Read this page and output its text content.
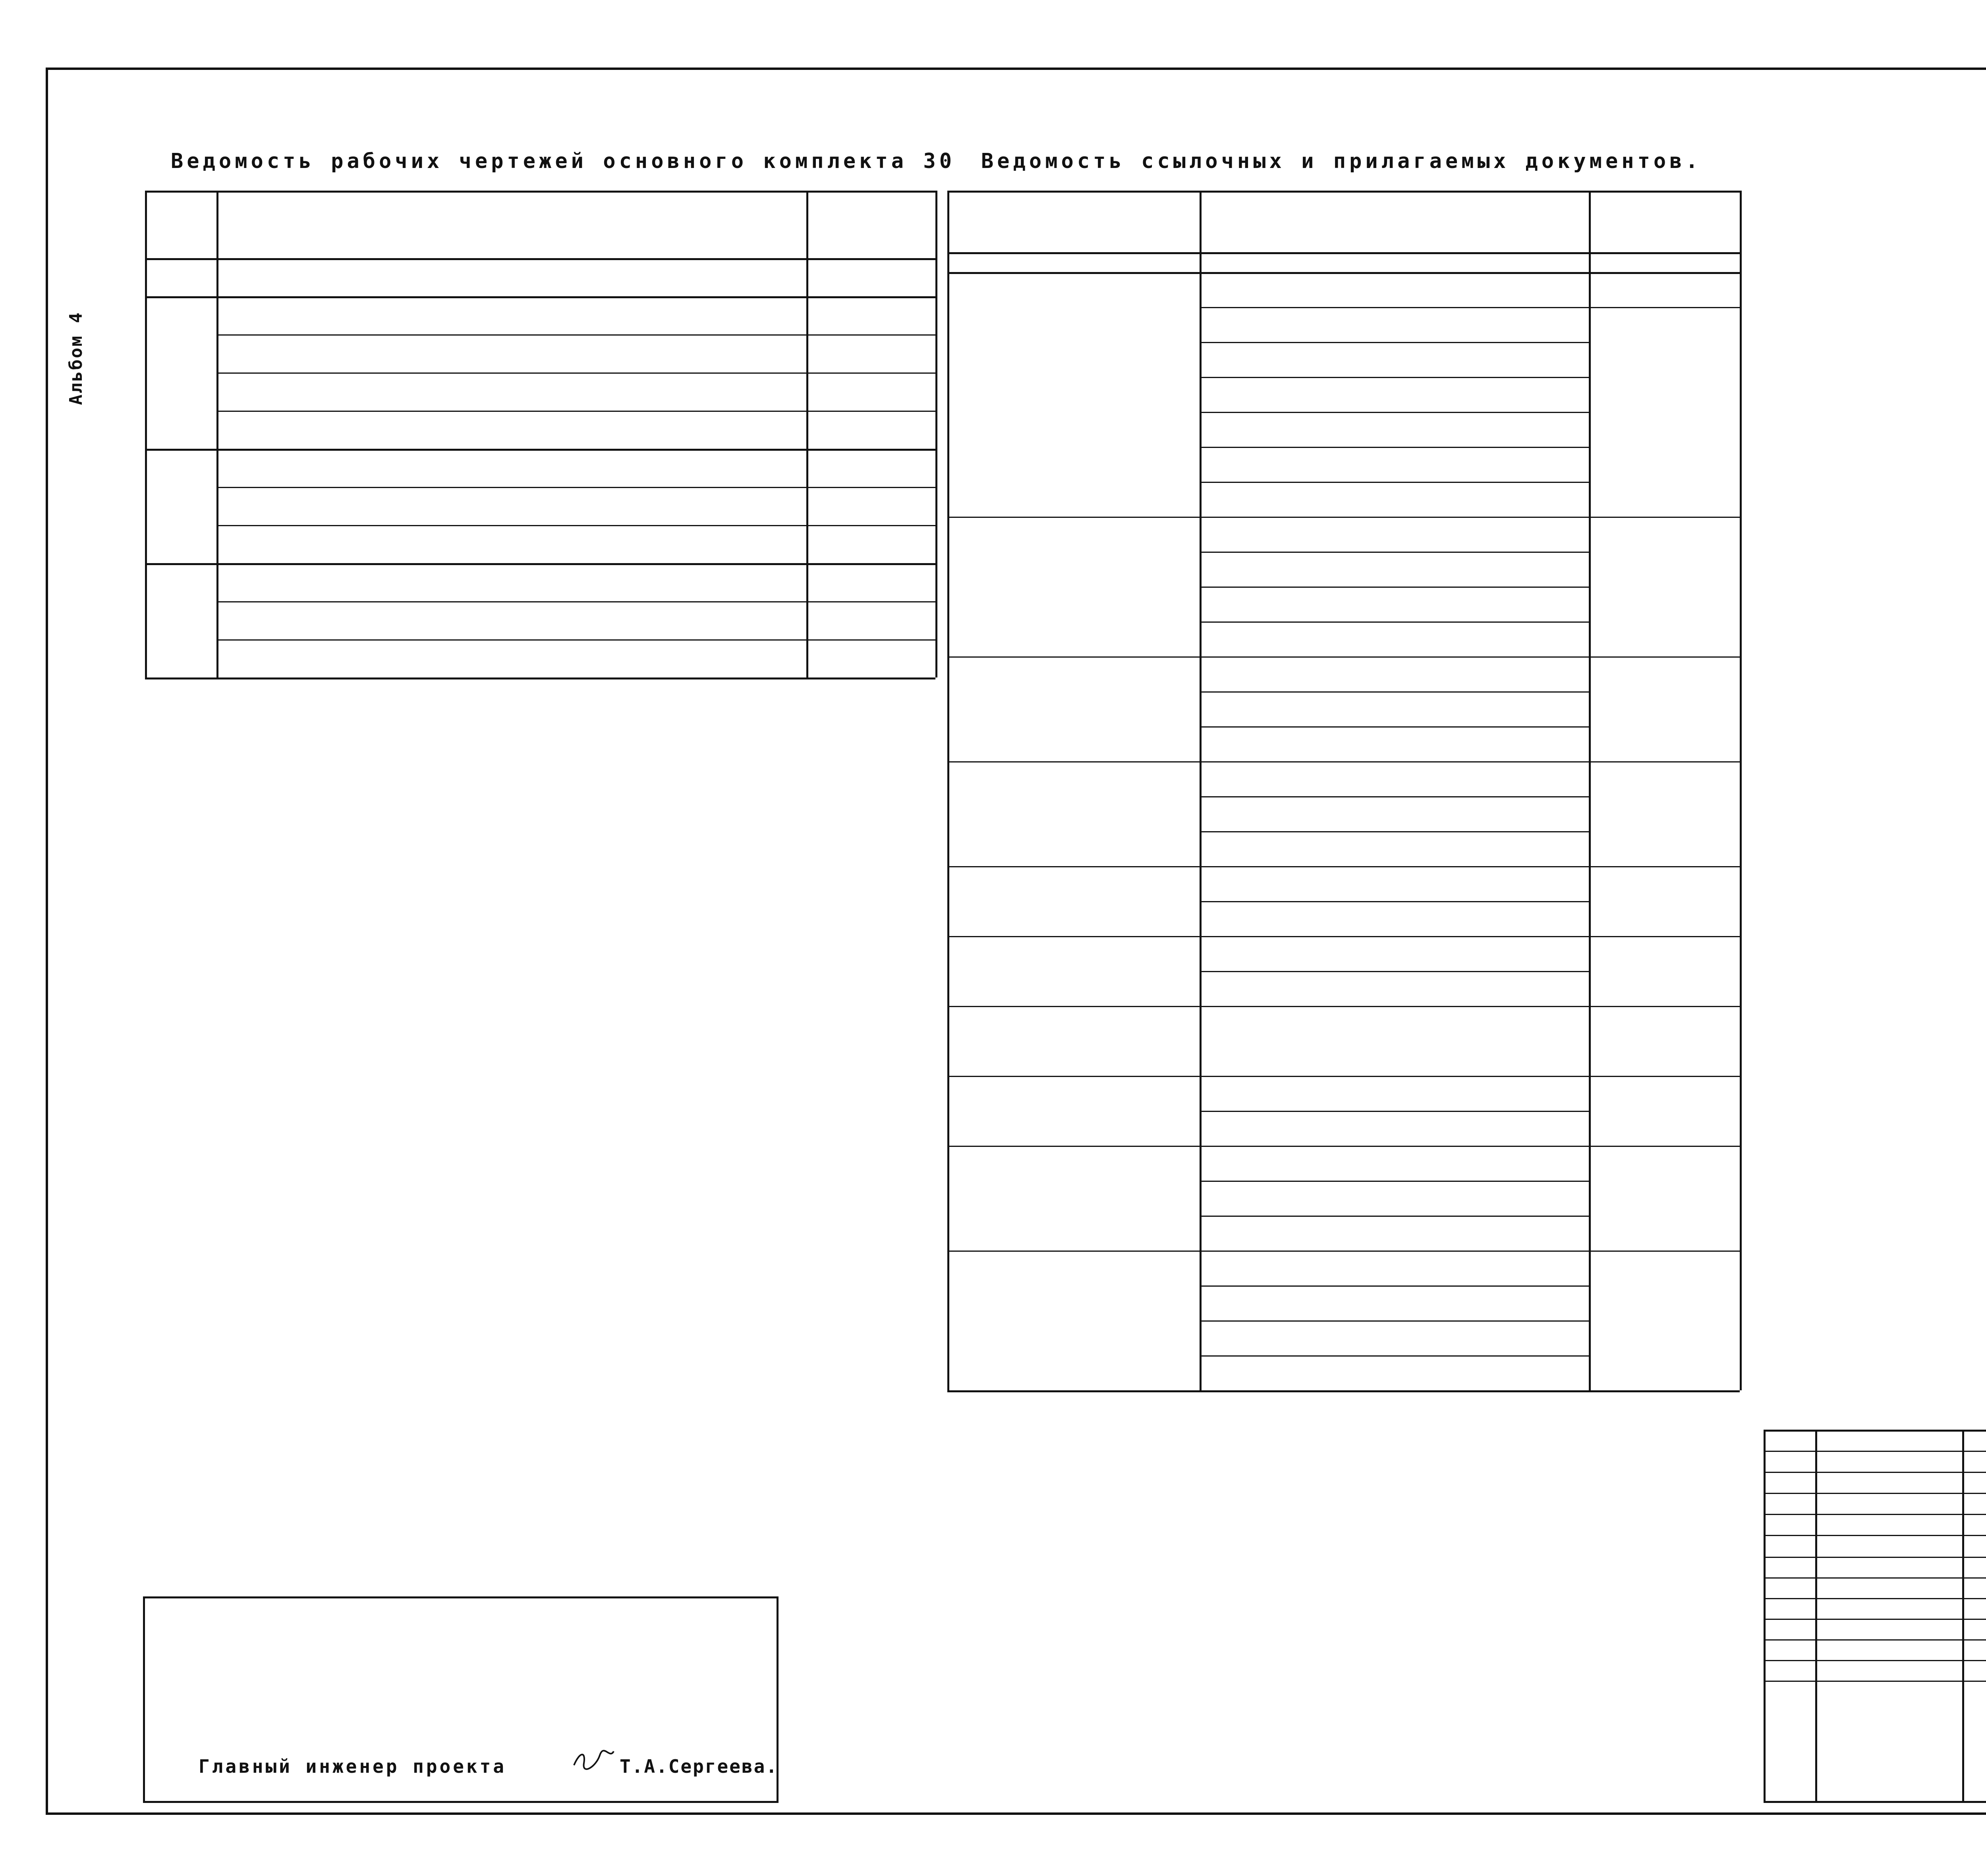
Альбом 4
Ведомость рабочих чертежей основного комплекта 30 Ведомость ссылочных и прилагаемых документов.
Главный инженер проекта	Т.А.Сергеева.
